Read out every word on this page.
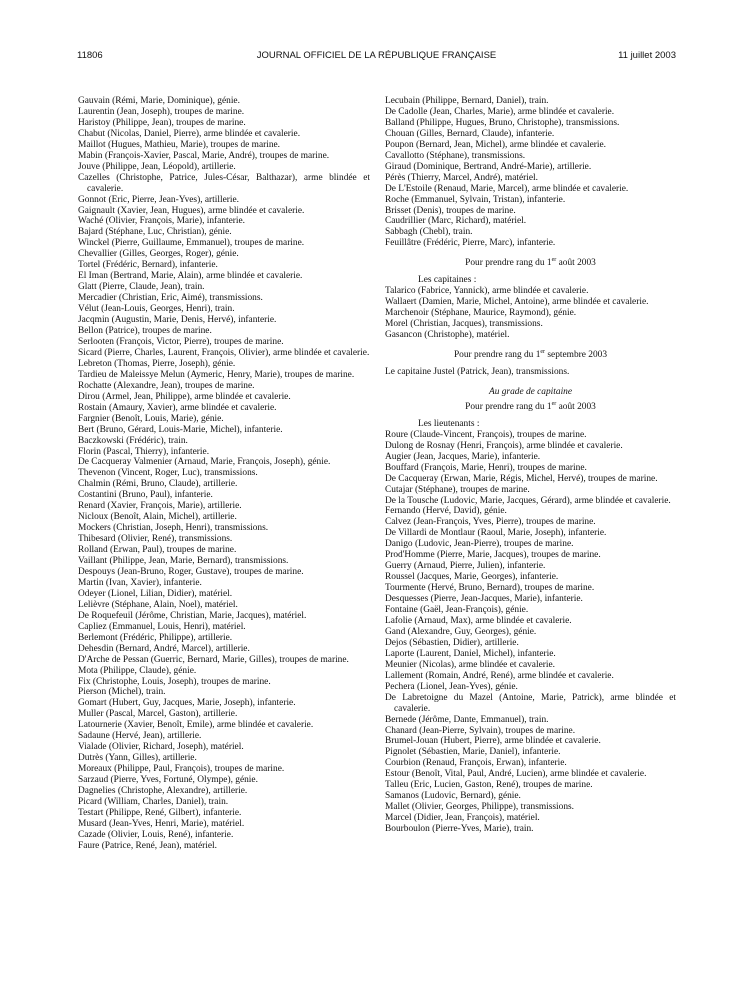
11806	JOURNAL OFFICIEL DE LA RÉPUBLIQUE FRANÇAISE	11 juillet 2003
Gauvain (Rémi, Marie, Dominique), génie.
Laurentin (Jean, Joseph), troupes de marine.
Haristoy (Philippe, Jean), troupes de marine.
Chabut (Nicolas, Daniel, Pierre), arme blindée et cavalerie.
Maillot (Hugues, Mathieu, Marie), troupes de marine.
Mabin (François-Xavier, Pascal, Marie, André), troupes de marine.
Jouve (Philippe, Jean, Léopold), artillerie.
Cazelles (Christophe, Patrice, Jules-César, Balthazar), arme blindée et cavalerie.
Gonnot (Eric, Pierre, Jean-Yves), artillerie.
Gaignault (Xavier, Jean, Hugues), arme blindée et cavalerie.
Waché (Olivier, François, Marie), infanterie.
Bajard (Stéphane, Luc, Christian), génie.
Winckel (Pierre, Guillaume, Emmanuel), troupes de marine.
Chevallier (Gilles, Georges, Roger), génie.
Tortel (Frédéric, Bernard), infanterie.
El Iman (Bertrand, Marie, Alain), arme blindée et cavalerie.
Glatt (Pierre, Claude, Jean), train.
Mercadier (Christian, Eric, Aimé), transmissions.
Vélut (Jean-Louis, Georges, Henri), train.
Jacqmin (Augustin, Marie, Denis, Hervé), infanterie.
Bellon (Patrice), troupes de marine.
Serlooten (François, Victor, Pierre), troupes de marine.
Sicard (Pierre, Charles, Laurent, François, Olivier), arme blindée et cavalerie.
Lebreton (Thomas, Pierre, Joseph), génie.
Tardieu de Maleissye Melun (Aymeric, Henry, Marie), troupes de marine.
Rochatte (Alexandre, Jean), troupes de marine.
Dirou (Armel, Jean, Philippe), arme blindée et cavalerie.
Rostain (Amaury, Xavier), arme blindée et cavalerie.
Fargnier (Benoît, Louis, Marie), génie.
Bert (Bruno, Gérard, Louis-Marie, Michel), infanterie.
Baczkowski (Frédéric), train.
Florin (Pascal, Thierry), infanterie.
De Cacqueray Valmenier (Arnaud, Marie, François, Joseph), génie.
Thevenon (Vincent, Roger, Luc), transmissions.
Chalmin (Rémi, Bruno, Claude), artillerie.
Costantini (Bruno, Paul), infanterie.
Renard (Xavier, François, Marie), artillerie.
Nicloux (Benoît, Alain, Michel), artillerie.
Mockers (Christian, Joseph, Henri), transmissions.
Thibesard (Olivier, René), transmissions.
Rolland (Erwan, Paul), troupes de marine.
Vaillant (Philippe, Jean, Marie, Bernard), transmissions.
Despouys (Jean-Bruno, Roger, Gustave), troupes de marine.
Martin (Ivan, Xavier), infanterie.
Odeyer (Lionel, Lilian, Didier), matériel.
Lelièvre (Stéphane, Alain, Noel), matériel.
De Roquefeuil (Jérôme, Christian, Marie, Jacques), matériel.
Capliez (Emmanuel, Louis, Henri), matériel.
Berlemont (Frédéric, Philippe), artillerie.
Dehesdin (Bernard, André, Marcel), artillerie.
D'Arche de Pessan (Guerric, Bernard, Marie, Gilles), troupes de marine.
Mota (Philippe, Claude), génie.
Fix (Christophe, Louis, Joseph), troupes de marine.
Pierson (Michel), train.
Gomart (Hubert, Guy, Jacques, Marie, Joseph), infanterie.
Muller (Pascal, Marcel, Gaston), artillerie.
Latournerie (Xavier, Benoît, Emile), arme blindée et cavalerie.
Sadaune (Hervé, Jean), artillerie.
Vialade (Olivier, Richard, Joseph), matériel.
Dutrès (Yann, Gilles), artillerie.
Moreaux (Philippe, Paul, François), troupes de marine.
Sarzaud (Pierre, Yves, Fortuné, Olympe), génie.
Dagnelies (Christophe, Alexandre), artillerie.
Picard (William, Charles, Daniel), train.
Testart (Philippe, René, Gilbert), infanterie.
Musard (Jean-Yves, Henri, Marie), matériel.
Cazade (Olivier, Louis, René), infanterie.
Faure (Patrice, René, Jean), matériel.
Lecubain (Philippe, Bernard, Daniel), train.
De Cadolle (Jean, Charles, Marie), arme blindée et cavalerie.
Balland (Philippe, Hugues, Bruno, Christophe), transmissions.
Chouan (Gilles, Bernard, Claude), infanterie.
Poupon (Bernard, Jean, Michel), arme blindée et cavalerie.
Cavallotto (Stéphane), transmissions.
Giraud (Dominique, Bertrand, André-Marie), artillerie.
Pérès (Thierry, Marcel, André), matériel.
De L'Estoile (Renaud, Marie, Marcel), arme blindée et cavalerie.
Roche (Emmanuel, Sylvain, Tristan), infanterie.
Brisset (Denis), troupes de marine.
Caudrillier (Marc, Richard), matériel.
Sabbagh (Chebl), train.
Feuillâtre (Frédéric, Pierre, Marc), infanterie.
Pour prendre rang du 1er août 2003
Les capitaines :
Talarico (Fabrice, Yannick), arme blindée et cavalerie.
Wallaert (Damien, Marie, Michel, Antoine), arme blindée et cavalerie.
Marchenoir (Stéphane, Maurice, Raymond), génie.
Morel (Christian, Jacques), transmissions.
Gasancon (Christophe), matériel.
Pour prendre rang du 1er septembre 2003
Le capitaine Justel (Patrick, Jean), transmissions.
Au grade de capitaine
Pour prendre rang du 1er août 2003
Les lieutenants :
Roure (Claude-Vincent, François), troupes de marine.
Dulong de Rosnay (Henri, François), arme blindée et cavalerie.
Augier (Jean, Jacques, Marie), infanterie.
Bouffard (François, Marie, Henri), troupes de marine.
De Cacqueray (Erwan, Marie, Régis, Michel, Hervé), troupes de marine.
Cutajar (Stéphane), troupes de marine.
De la Tousche (Ludovic, Marie, Jacques, Gérard), arme blindée et cavalerie.
Fernando (Hervé, David), génie.
Calvez (Jean-François, Yves, Pierre), troupes de marine.
De Villardi de Montlaur (Raoul, Marie, Joseph), infanterie.
Danigo (Ludovic, Jean-Pierre), troupes de marine.
Prod'Homme (Pierre, Marie, Jacques), troupes de marine.
Guerry (Arnaud, Pierre, Julien), infanterie.
Roussel (Jacques, Marie, Georges), infanterie.
Tourmente (Hervé, Bruno, Bernard), troupes de marine.
Desquesses (Pierre, Jean-Jacques, Marie), infanterie.
Fontaine (Gaël, Jean-François), génie.
Lafolie (Arnaud, Max), arme blindée et cavalerie.
Gand (Alexandre, Guy, Georges), génie.
Dejos (Sébastien, Didier), artillerie.
Laporte (Laurent, Daniel, Michel), infanterie.
Meunier (Nicolas), arme blindée et cavalerie.
Lallement (Romain, André, René), arme blindée et cavalerie.
Pechera (Lionel, Jean-Yves), génie.
De Labretoigne du Mazel (Antoine, Marie, Patrick), arme blindée et cavalerie.
Bernede (Jérôme, Dante, Emmanuel), train.
Chanard (Jean-Pierre, Sylvain), troupes de marine.
Brumel-Jouan (Hubert, Pierre), arme blindée et cavalerie.
Pignolet (Sébastien, Marie, Daniel), infanterie.
Courbion (Renaud, François, Erwan), infanterie.
Estour (Benoît, Vital, Paul, André, Lucien), arme blindée et cavalerie.
Talleu (Eric, Lucien, Gaston, René), troupes de marine.
Samanos (Ludovic, Bernard), génie.
Mallet (Olivier, Georges, Philippe), transmissions.
Marcel (Didier, Jean, François), matériel.
Bourboulon (Pierre-Yves, Marie), train.
